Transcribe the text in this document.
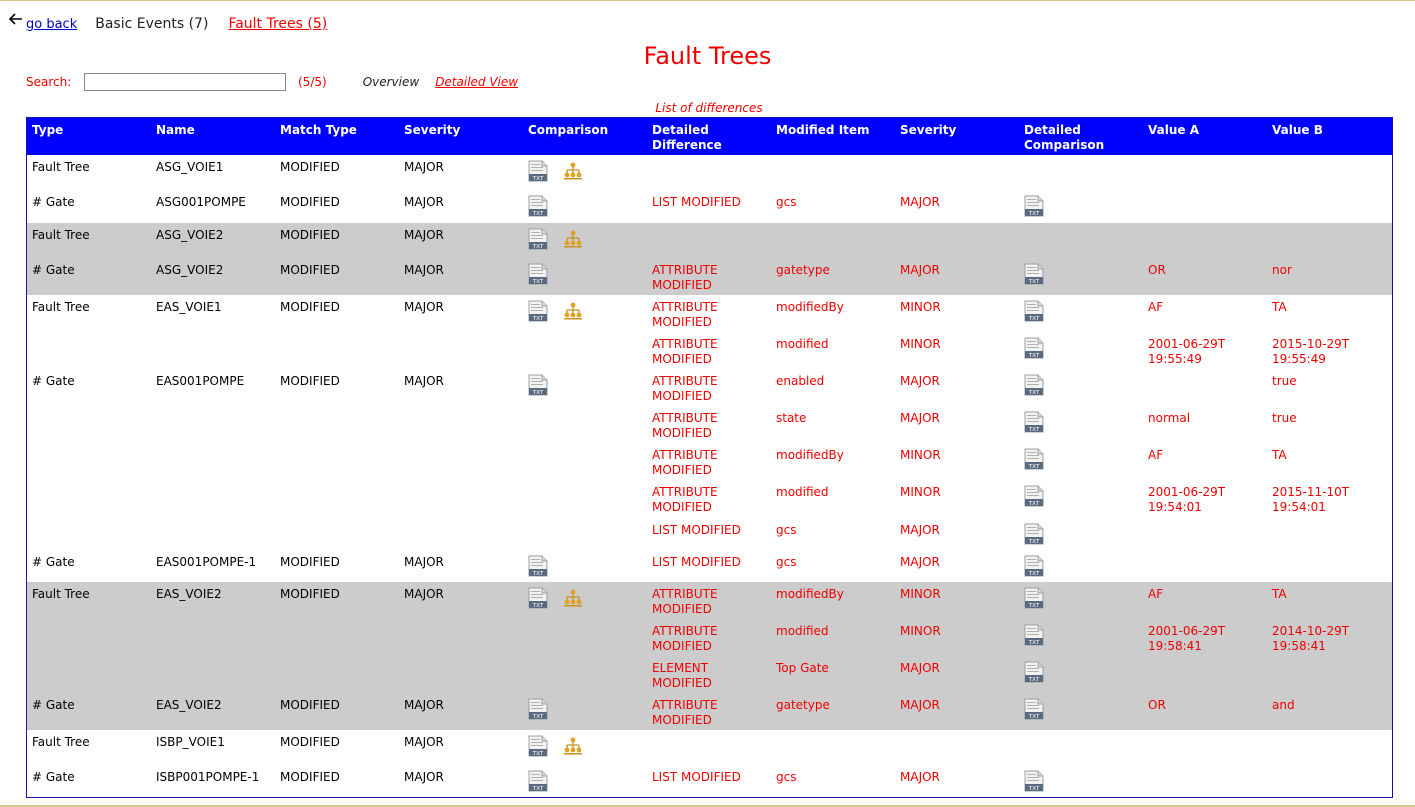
go back Basic Events (7) Fault Trees (5)
Fault Trees
Search:	(5/5)	Overview Detailed View
List of differences
Type	Name	Match Type	Severity	Comparison	Detailed Difference	Modified Item	Severity	Detailed Comparison	Value A	Value B
Fault Tree	ASG_VOIE1	MODIFIED	MAJOR	TXT						

# Gate	ASG001POMPE	MODIFIED	MAJOR	TXT	LIST MODIFIED	gcs	MAJOR	TXT		

Fault Tree	ASG_VOIE2	MODIFIED	MAJOR	TXT						

# Gate	ASG_VOIE2	MODIFIED	MAJOR	TXT	ATTRIBUTE MODIFIED	gatetype	MAJOR	TXT	OR	nor
Fault Tree	EAS_VOIE1	MODIFIED	MAJOR	TXT	ATTRIBUTE MODIFIED	modifiedBy	MINOR	TXT	AF	TA
					ATTRIBUTE MODIFIED	modified	MINOR	TXT	2001-06-29T19:55:49	2015-10-29T19:55:49
# Gate	EAS001POMPE	MODIFIED	MAJOR	TXT	ATTRIBUTE MODIFIED	enabled	MAJOR	TXT		true
					ATTRIBUTE MODIFIED	state	MAJOR	TXT	normal	true
					ATTRIBUTE MODIFIED	modifiedBy	MINOR	TXT	AF	TA
					ATTRIBUTE MODIFIED	modified	MINOR	TXT	2001-06-29T19:54:01	2015-11-10T19:54:01
					LIST MODIFIED	gcs	MAJOR	TXT		

# Gate	EAS001POMPE-1	MODIFIED	MAJOR	TXT	LIST MODIFIED	gcs	MAJOR	TXT		

Fault Tree	EAS_VOIE2	MODIFIED	MAJOR	TXT	ATTRIBUTE MODIFIED	modifiedBy	MINOR	TXT	AF	TA
					ATTRIBUTE MODIFIED	modified	MINOR	TXT	2001-06-29T19:58:41	2014-10-29T19:58:41
					ELEMENT MODIFIED	Top Gate	MAJOR	TXT		

# Gate	EAS_VOIE2	MODIFIED	MAJOR	TXT	ATTRIBUTE MODIFIED	gatetype	MAJOR	TXT	OR	and
Fault Tree	ISBP_VOIE1	MODIFIED	MAJOR	TXT						

# Gate	ISBP001POMPE-1	MODIFIED	MAJOR	TXT	LIST MODIFIED	gcs	MAJOR	TXT		
